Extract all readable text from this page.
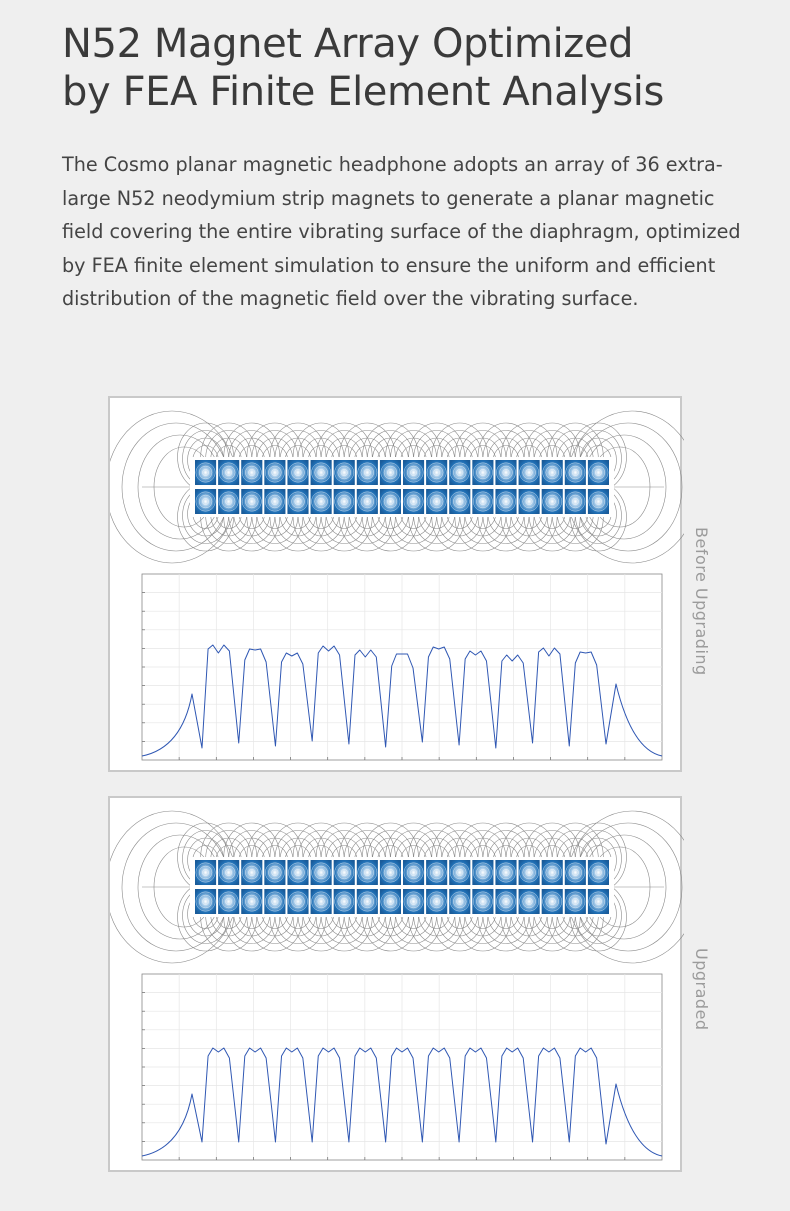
N52 Magnet Array Optimized
by FEA Finite Element Analysis

The Cosmo planar magnetic headphone adopts an array of 36 extra-large N52 neodymium strip magnets to generate a planar magnetic field covering the entire vibrating surface of the diaphragm, optimized by FEA finite element simulation to ensure the uniform and efficient distribution of the magnetic field over the vibrating surface.

Before Upgrading
Upgraded
